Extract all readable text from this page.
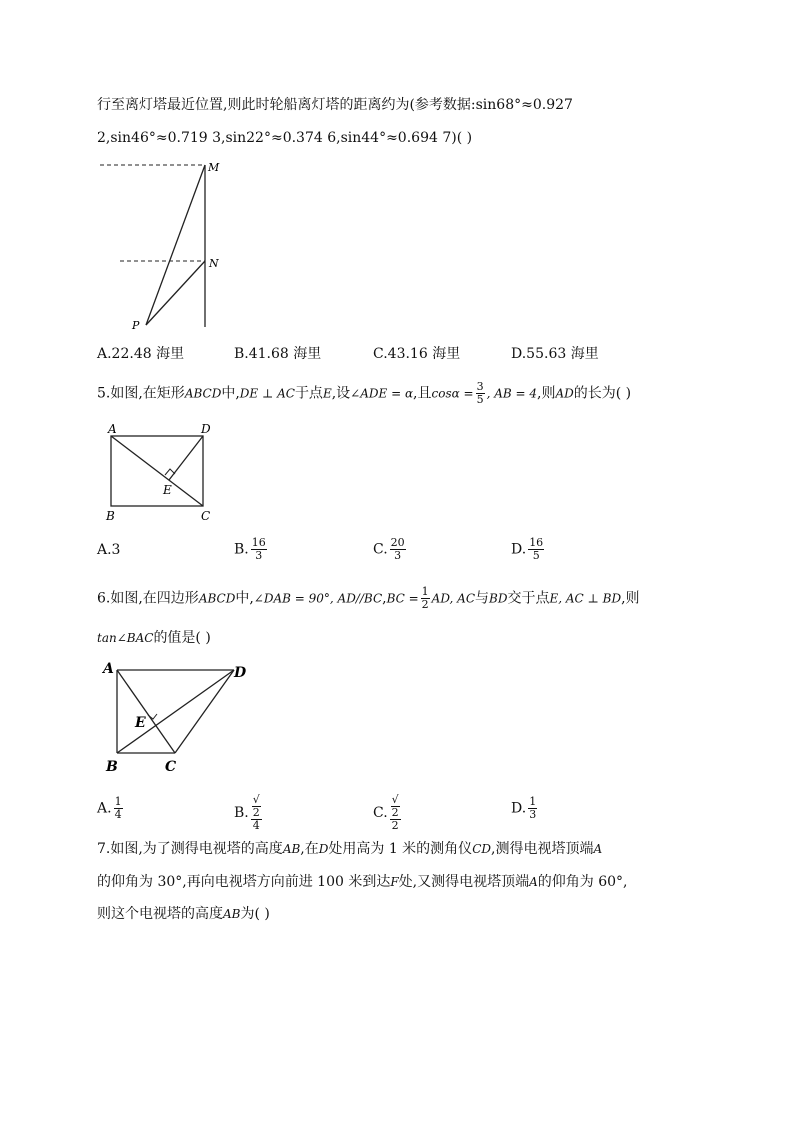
行至离灯塔最近位置,则此时轮船离灯塔的距离约为(参考数据:sin68°≈0.927
2,sin46°≈0.719 3,sin22°≈0.374 6,sin44°≈0.694 7)( )
M
N
P
A.22.48 海里	B.41.68 海里	C.43.16 海里	D.55.63 海里
5.如图,在矩形ABCD中,DE ⊥ AC于点E,设∠ADE = α,且$\cos\alpha = \frac{3}{5}$ , AB = 4,则AD的长为( )
A	D
B	C
E
A.3	B. $\frac{16}{3}$	C. $\frac{20}{3}$	D. $\frac{16}{5}$
6.如图,在四边形ABCD中,∠DAB = 90°, $AD//BC,BC = \frac{1}{2}$ AD, AC与BD交于点E, AC ⊥ BD,则
tan∠BAC的值是( )
A	D
B	C
E
A. $\frac{1}{4}$	B. √
2
4	C. √
2
2	D. $\frac{1}{3}$
7.如图,为了测得电视塔的高度AB,在D处用高为 1 米的测角仪CD,测得电视塔顶端A
的仰角为 30°,再向电视塔方向前进 100 米到达F处,又测得电视塔顶端A的仰角为 60°,
则这个电视塔的高度AB为( )
